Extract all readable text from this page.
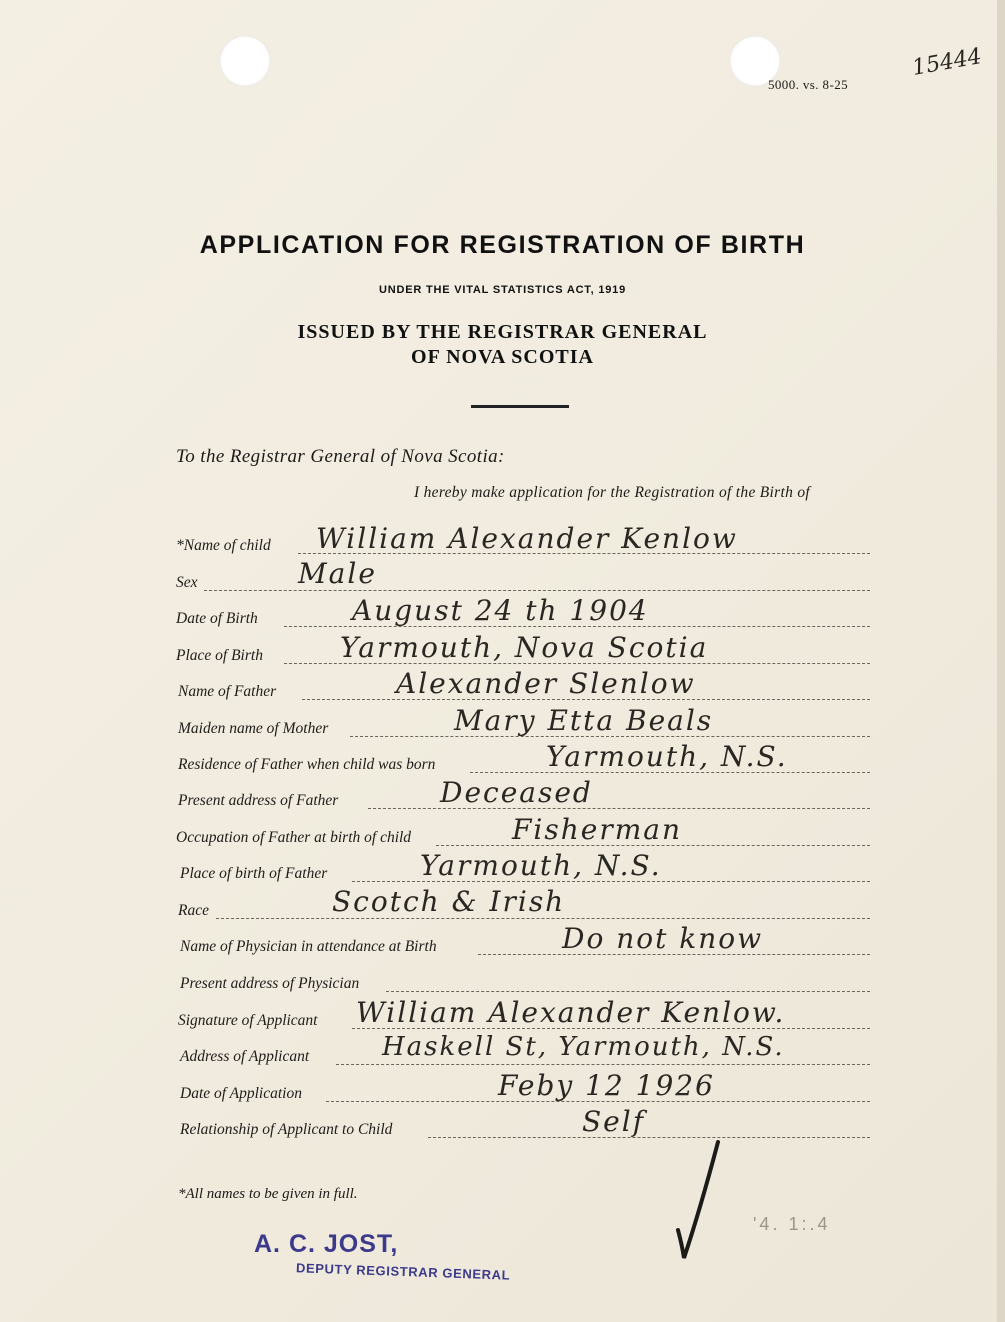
5000. vs. 8-25
15444
APPLICATION FOR REGISTRATION OF BIRTH
UNDER THE VITAL STATISTICS ACT, 1919
ISSUED BY THE REGISTRAR GENERAL
OF NOVA SCOTIA
To the Registrar General of Nova Scotia:
I hereby make application for the Registration of the Birth of
*Name of child William Alexander Kenlow
Sex	Male
Date of Birth	August 24 th 1904
Place of Birth	Yarmouth, Nova Scotia
Name of Father	Alexander Slenlow
Maiden name of Mother	Mary Etta Beals
Residence of Father when child was born	Yarmouth, N.S.
Present address of Father	Deceased
Occupation of Father at birth of child	Fisherman
Place of birth of Father	Yarmouth, N.S.
Race	Scotch & Irish
Name of Physician in attendance at Birth	Do not know
Present address of Physician
Signature of Applicant William Alexander Kenlow.
Address of Applicant	Haskell St, Yarmouth, N.S.
Date of Application	Feby 12 1926
Relationship of Applicant to Child	Self
*All names to be given in full.
'4. 1:.4
A. C. JOST,
DEPUTY REGISTRAR GENERAL
